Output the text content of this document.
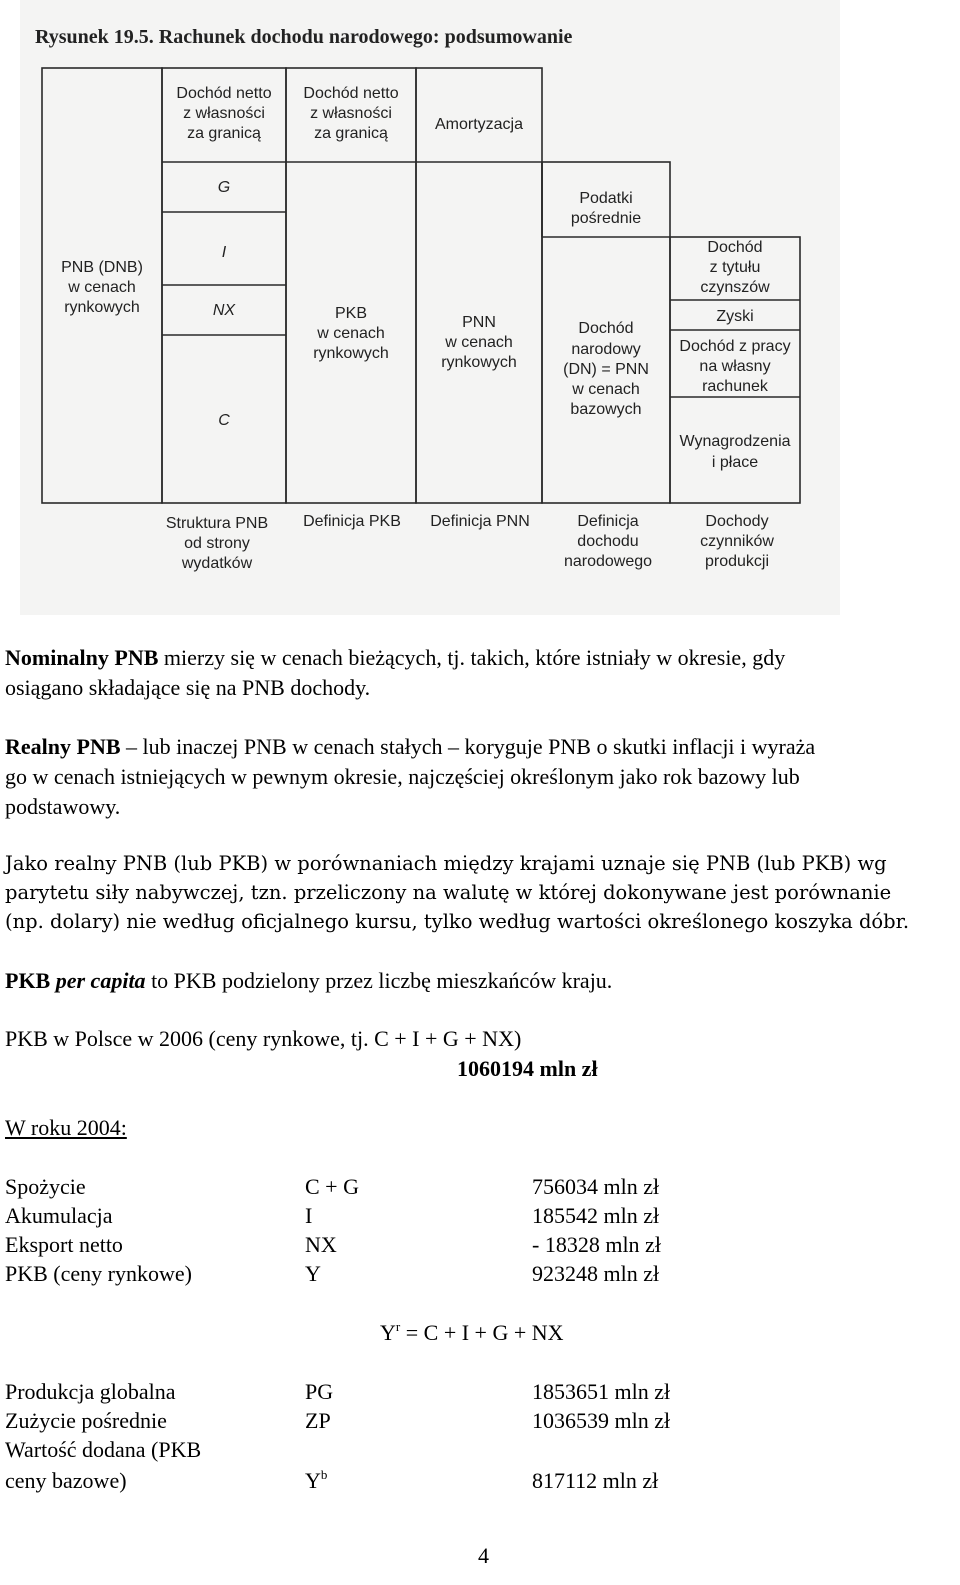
Rysunek 19.5. Rachunek dochodu narodowego: podsumowanie
PNB (DNB)
w cenach
rynkowych
Dochód netto
z własności
za granicą
G
I
NX
C
Dochód netto
z własności
za granicą
PKB
w cenach
rynkowych
Amortyzacja
PNN
w cenach
rynkowych
Podatki
pośrednie
Dochód
narodowy
(DN) = PNN
w cenach
bazowych
Dochód
z tytułu
czynszów
Zyski
Dochód z pracy
na własny
rachunek
Wynagrodzenia
i płace
Struktura PNB
od strony
wydatków
Definicja PKB Definicja PNN	Definicja
dochodu
narodowego
Dochody
czynników
produkcji
Nominalny PNB mierzy się w cenach bieżących, tj. takich, które istniały w okresie, gdy
osiągano składające się na PNB dochody.
Realny PNB – lub inaczej PNB w cenach stałych – koryguje PNB o skutki inflacji i wyraża
go w cenach istniejących w pewnym okresie, najczęściej określonym jako rok bazowy lub
podstawowy.
Jako realny PNB (lub PKB) w porównaniach między krajami uznaje się PNB (lub PKB) wg
parytetu siły nabywczej, tzn. przeliczony na walutę w której dokonywane jest porównanie
(np. dolary) nie według oficjalnego kursu, tylko według wartości określonego koszyka dóbr.
PKB per capita to PKB podzielony przez liczbę mieszkańców kraju.
PKB w Polsce w 2006 (ceny rynkowe, tj. C + I + G + NX)
1060194 mln zł
W roku 2004:
Spożycie	C + G	756034 mln zł
Akumulacja	I	185542 mln zł
Eksport netto	NX	- 18328 mln zł
PKB (ceny rynkowe)	Y	923248 mln zł
$Y^r = C + I + G$ + NX
Produkcja globalna	PG	1853651 mln zł
Zużycie pośrednie	ZP	1036539 mln zł
Wartość dodana (PKB
ceny bazowe)	$Y^b$	817112 mln zł
4
